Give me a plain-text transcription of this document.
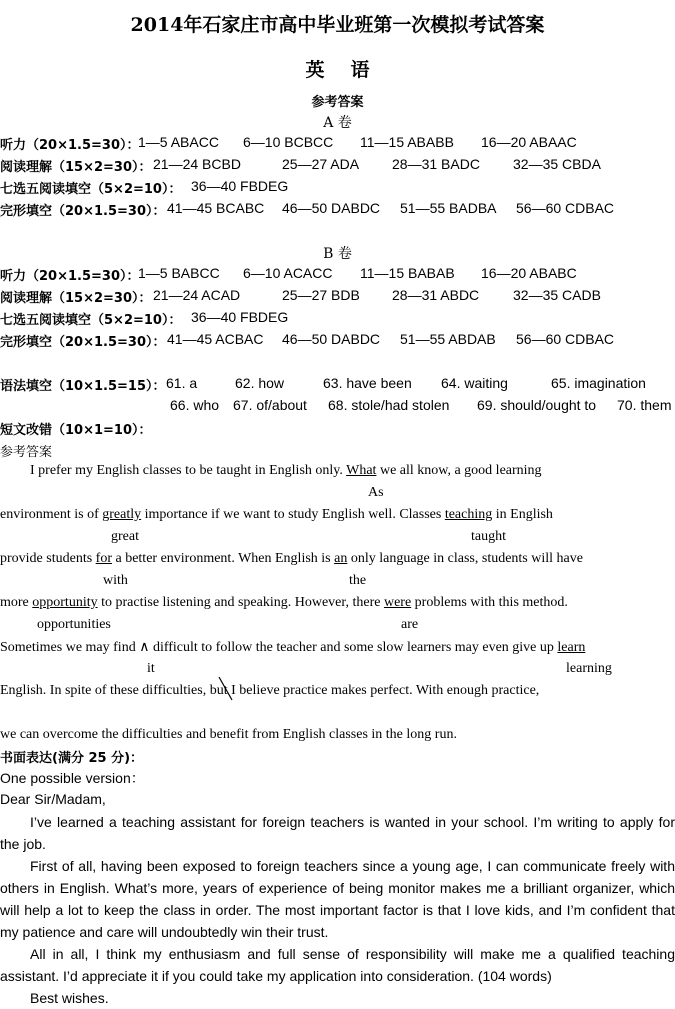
2014年石家庄市高中毕业班第一次模拟考试答案
英语
参考答案
A 卷
听力（20×1.5=30）：
1—5 ABACC 6—10 BCBCC 11—15 ABABB 16—20 ABAAC
阅读理解（15×2=30）： 21—24 BCBD	25—27 ADA 28—31 BADC 32—35 CBDA
七选五阅读填空（5×2=10）： 36—40 FBDEG
完形填空（20×1.5=30）： 41—45 BCABC 46—50 DABDC 51—55 BADBA 56—60 CDBAC
B 卷
听力（20×1.5=30）：
1—5 BABCC 6—10 ACACC 11—15 BABAB 16—20 ABABC
阅读理解（15×2=30）： 21—24 ACAD	25—27 BDB 28—31 ABDC 32—35 CADB
七选五阅读填空（5×2=10）： 36—40 FBDEG
完形填空（20×1.5=30）： 41—45 ACBAC 46—50 DABDC 51—55 ABDAB 56—60 CDBAC
语法填空（10×1.5=15）： 61. a	62. how	63. have been 64. waiting	65. imagination
66. who 67. of/about 68. stole/had stolen 69. should/ought to 70. them
短文改错（10×1=10）：
参考答案
I prefer my English classes to be taught in English only. What we all know, a good learning
As
environment is of greatly importance if we want to study English well. Classes teaching in English
great	taught
provide students for a better environment. When English is an only language in class, students will have
with	the
more opportunity to practise listening and speaking. However, there were problems with this method.
opportunities	are
Sometimes we may find ∧ difficult to follow the teacher and some slow learners may even give up learn
it	learning
English. In spite of these difficulties, but I believe practice makes perfect. With enough practice,
we can overcome the difficulties and benefit from English classes in the long run.
书面表达(满分 25 分)：
One possible version：
Dear Sir/Madam,

I’ve learned a teaching assistant for foreign teachers is wanted in your school. I’m writing to apply for the job.

First of all, having been exposed to foreign teachers since a young age, I can communicate freely with others in English. What’s more, years of experience of being monitor makes me a brilliant organizer, which will help a lot to keep the class in order. The most important factor is that I love kids, and I’m confident that my patience and care will undoubtedly win their trust.

All in all, I think my enthusiasm and full sense of responsibility will make me a qualified teaching assistant. I’d appreciate it if you could take my application into consideration. (104 words)

Best wishes.
